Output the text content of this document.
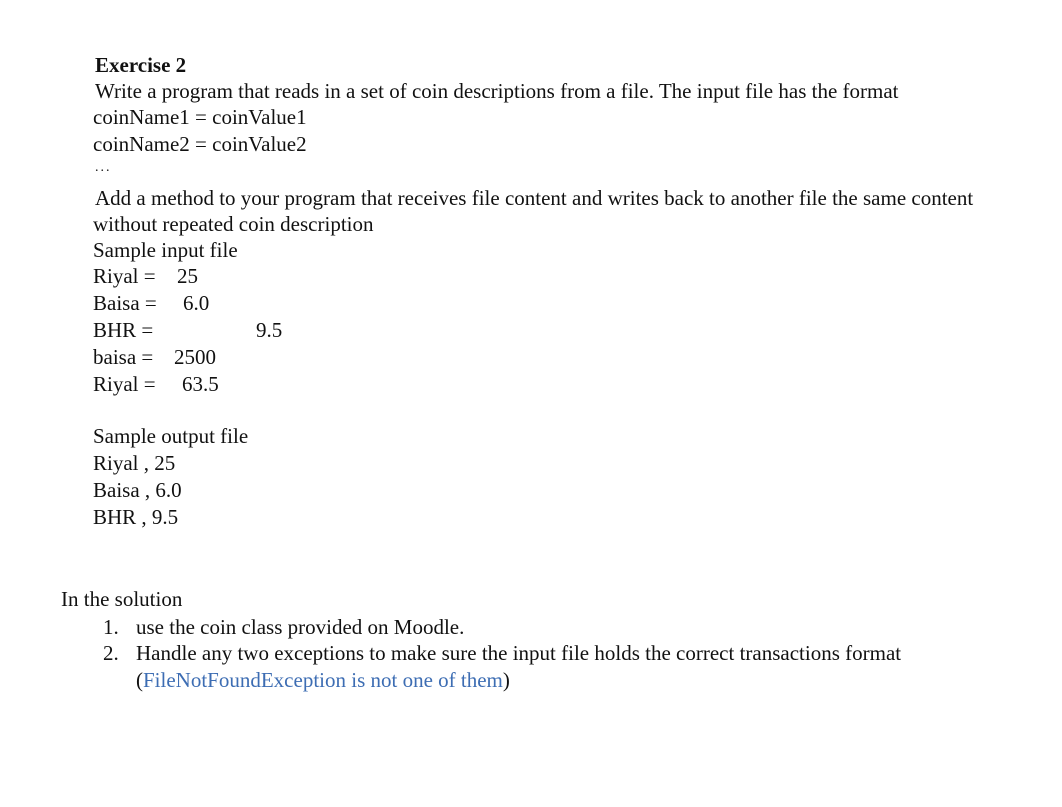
Exercise 2
Write a program that reads in a set of coin descriptions from a file. The input file has the format
coinName1 = coinValue1
coinName2 = coinValue2
...
Add a method to your program that receives file content and writes back to another file the same content
without repeated coin description
Sample input file
Riyal = 25
Baisa = 6.0
BHR =	9.5
baisa = 2500
Riyal = 63.5
Sample output file
Riyal , 25
Baisa , 6.0
BHR , 9.5
In the solution
1. use the coin class provided on Moodle.
2. Handle any two exceptions to make sure the input file holds the correct transactions format
(FileNotFoundException is not one of them)
